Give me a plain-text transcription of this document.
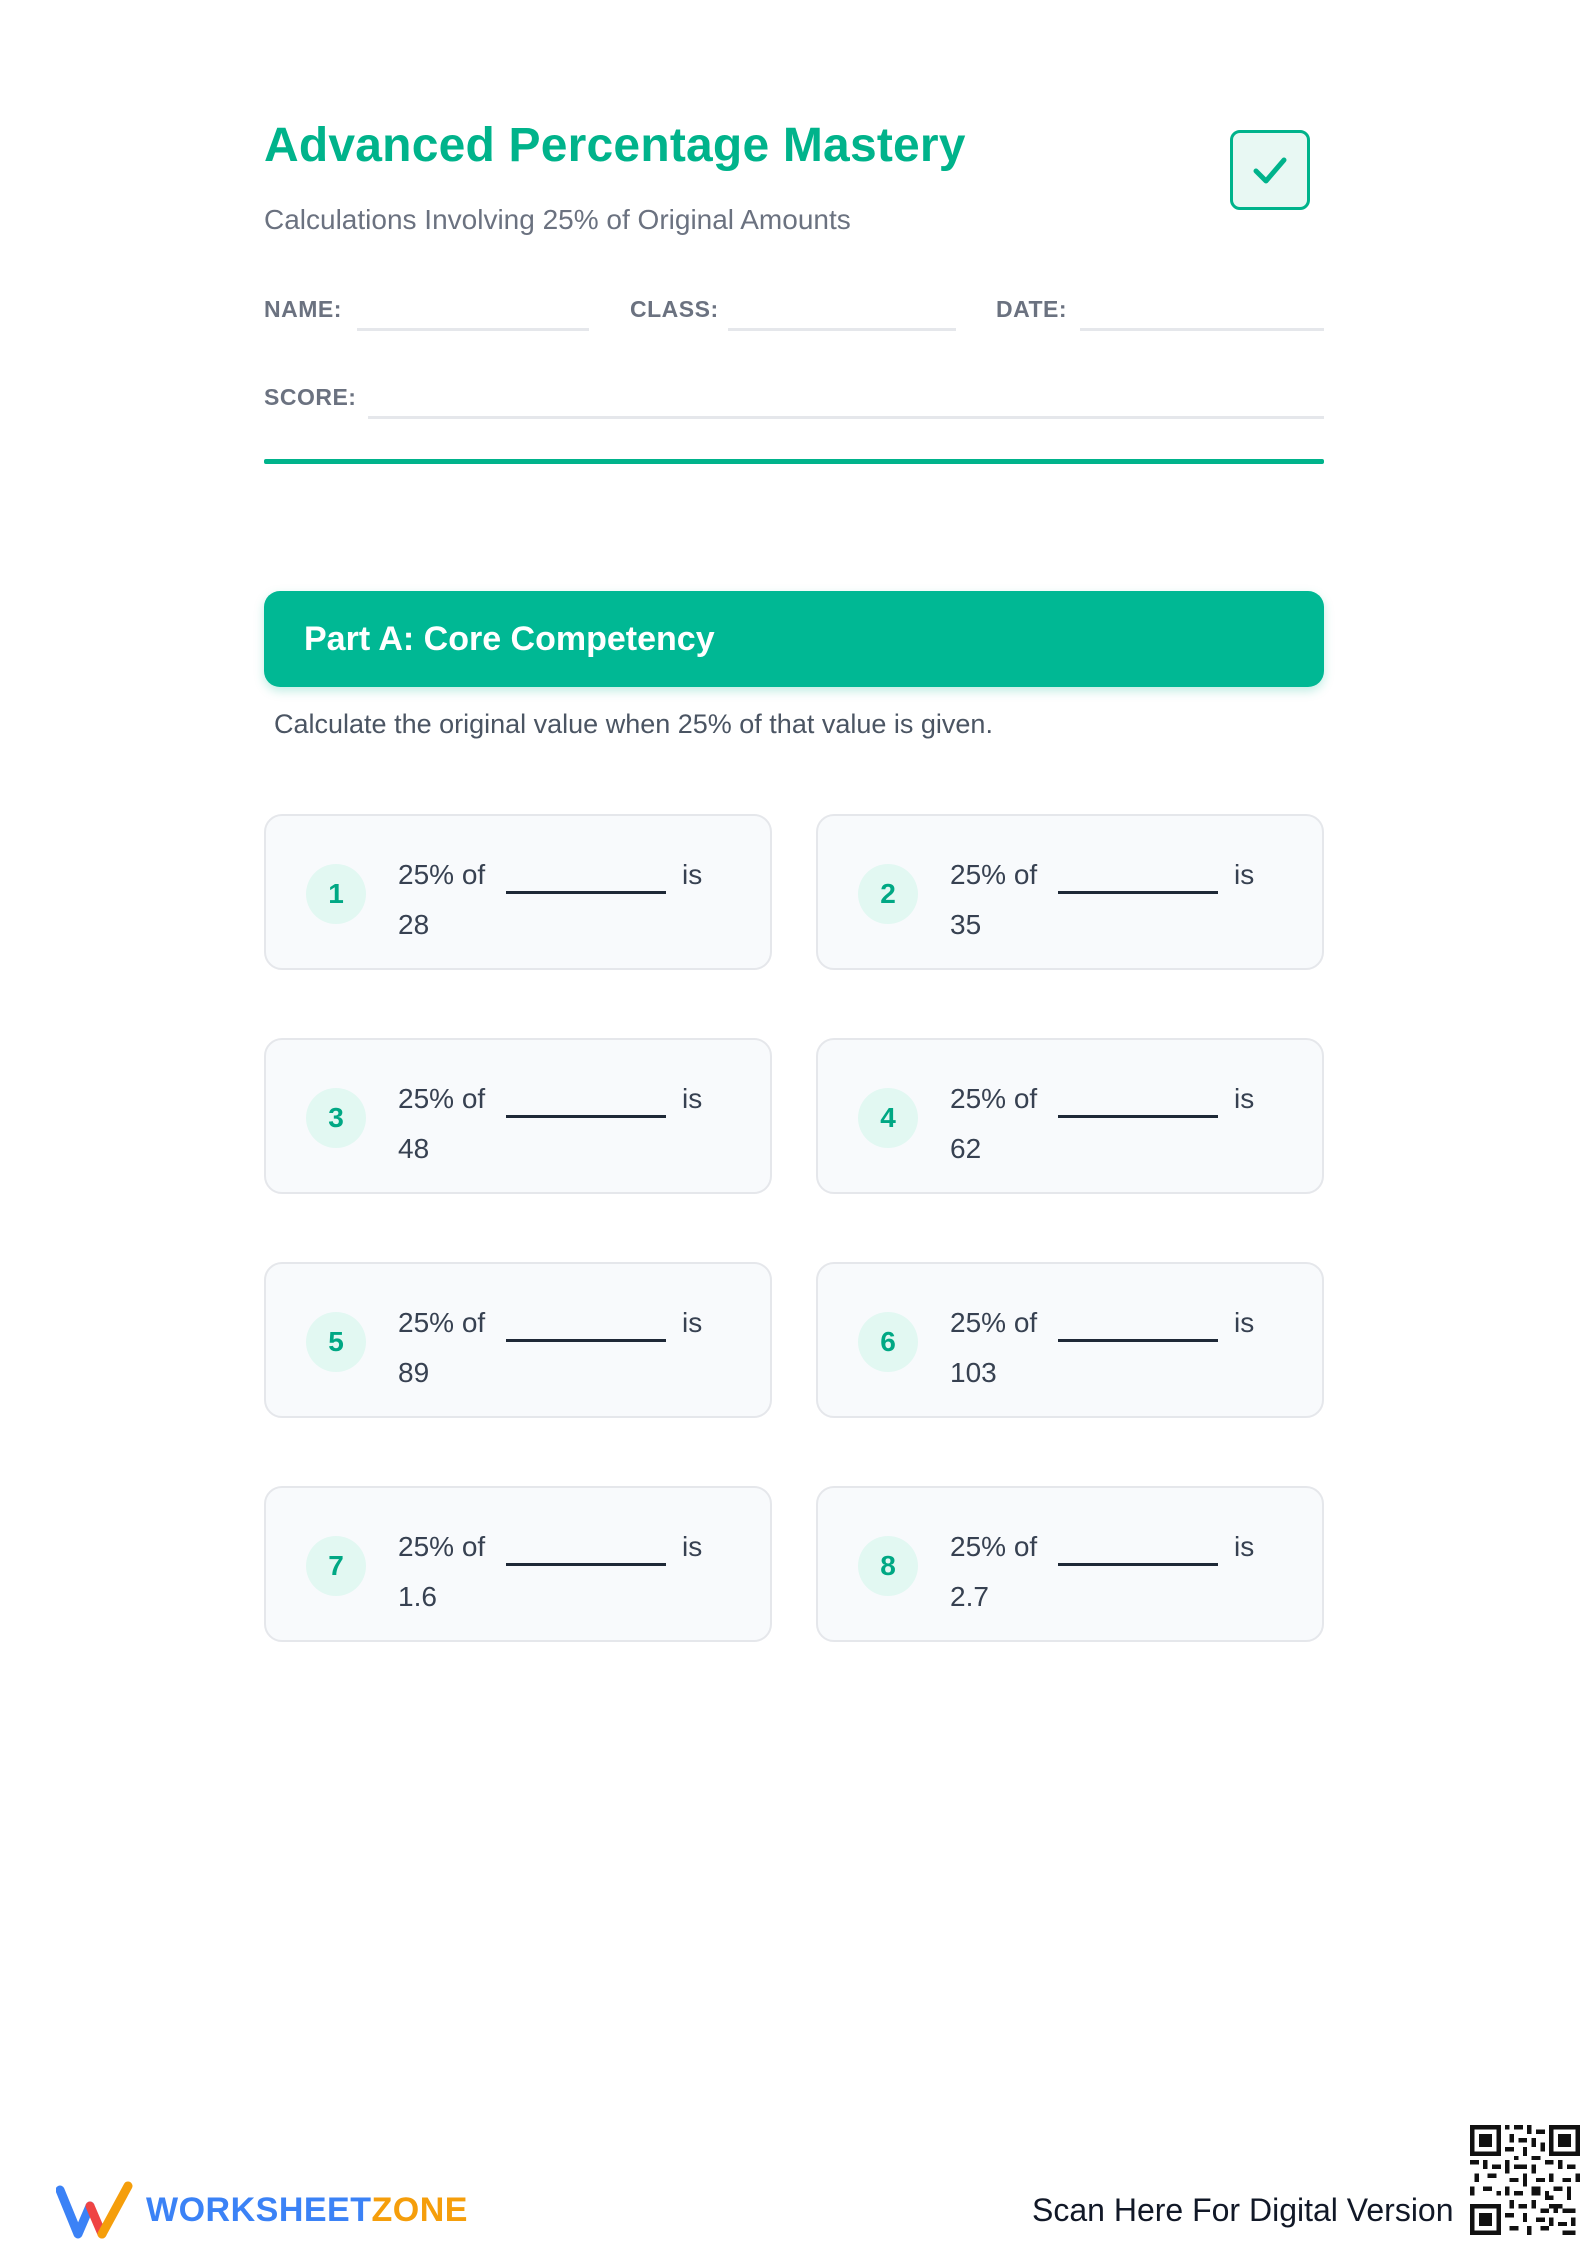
Advanced Percentage Mastery

Calculations Involving 25% of Original Amounts

NAME:	CLASS:	DATE:
SCORE:
Part A: Core Competency

Calculate the original value when 25% of that value is given.

1
25% of
28
is
2
25% of
35
is
3
25% of
48
is
4
25% of
62
is
5
25% of
89
is
6
25% of
103
is
7
25% of
1.6
is
8
25% of
2.7
is
WORKSHEETZONE	Scan Here For Digital Version
